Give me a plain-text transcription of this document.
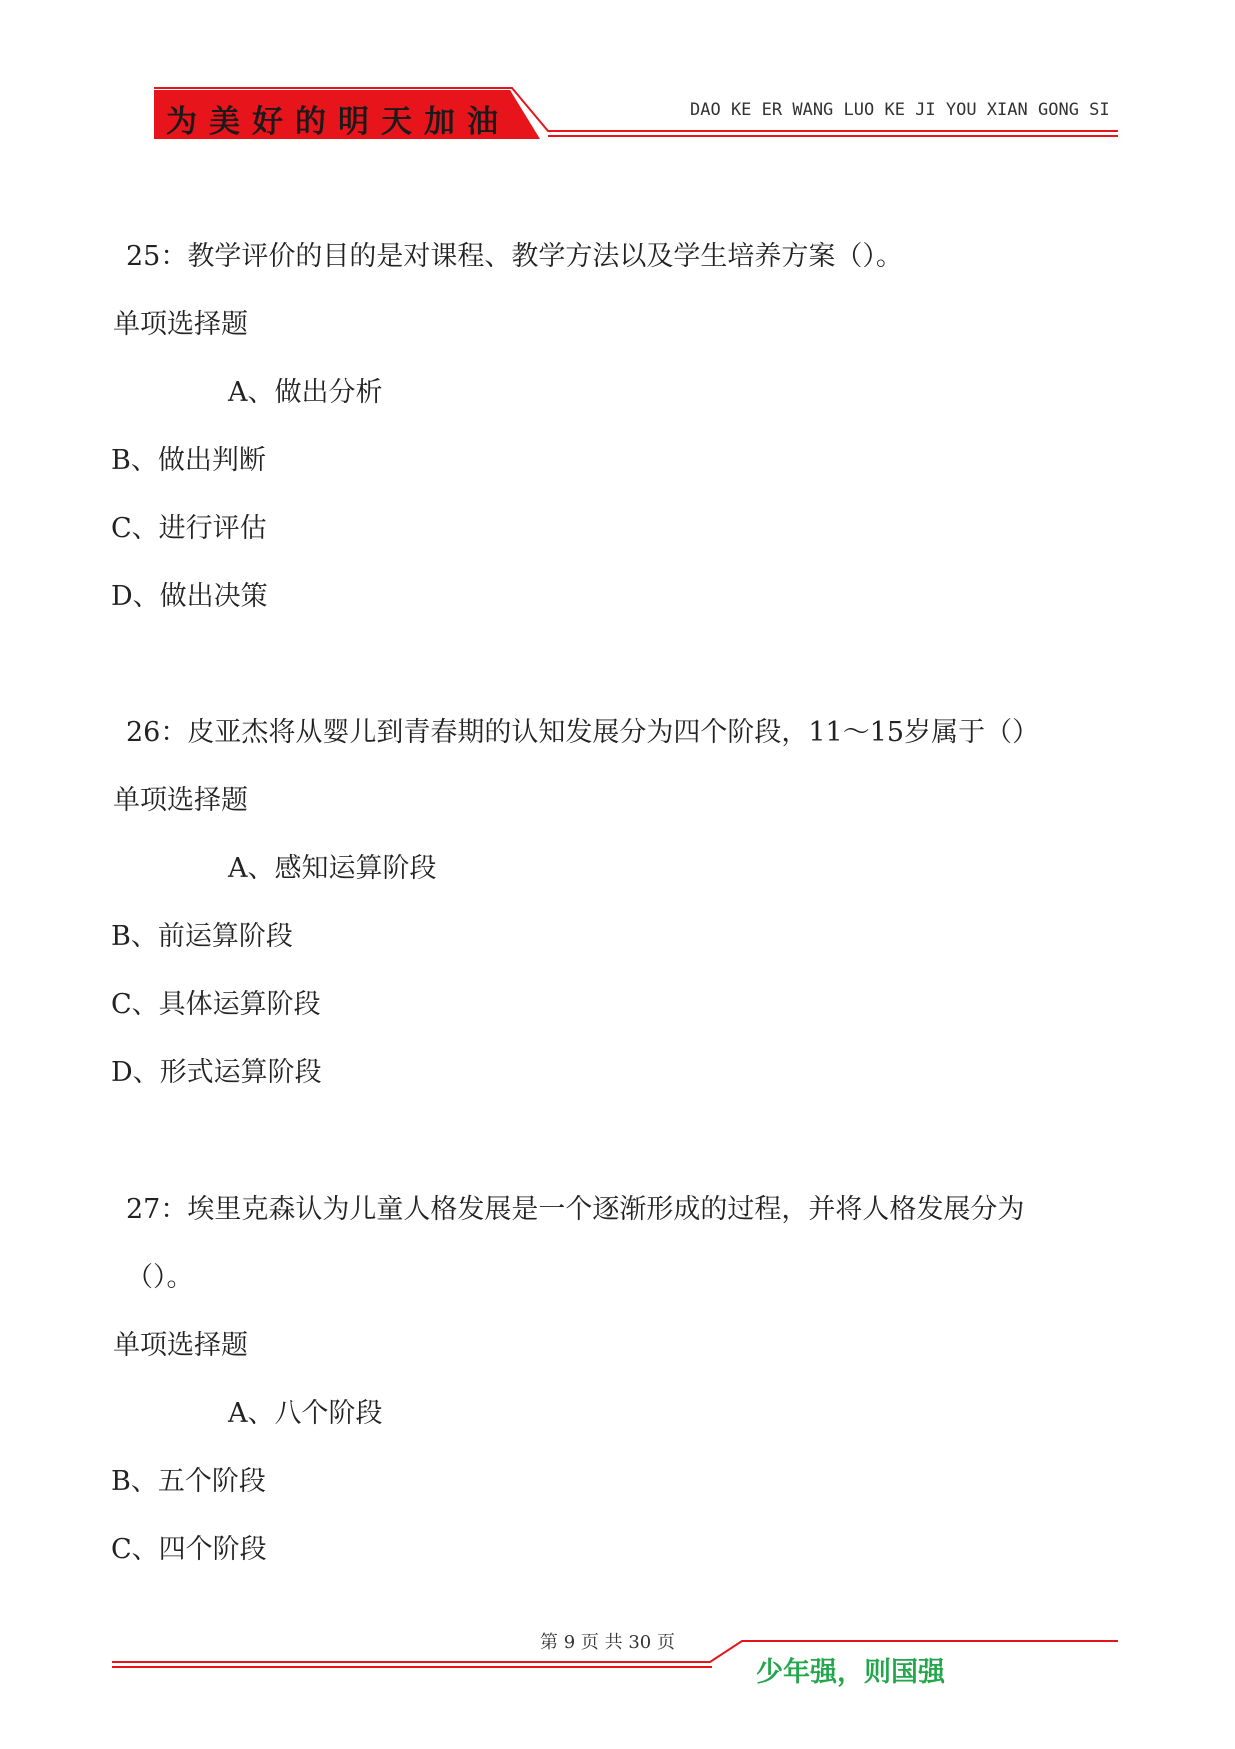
为美好的明天加油	DAO KE ER WANG LUO KE JI YOU XIAN GONG SI
25：教学评价的目的是对课程、教学方法以及学生培养方案（）。
单项选择题
A、做出分析
B、做出判断
C、进行评估
D、做出决策
26：皮亚杰将从婴儿到青春期的认知发展分为四个阶段，11～15岁属于（）
单项选择题
A、感知运算阶段
B、前运算阶段
C、具体运算阶段
D、形式运算阶段
27：埃里克森认为儿童人格发展是一个逐渐形成的过程，并将人格发展分为
（）。
单项选择题
A、八个阶段
B、五个阶段
C、四个阶段
第 9 页 共 30 页
少年强，则国强
